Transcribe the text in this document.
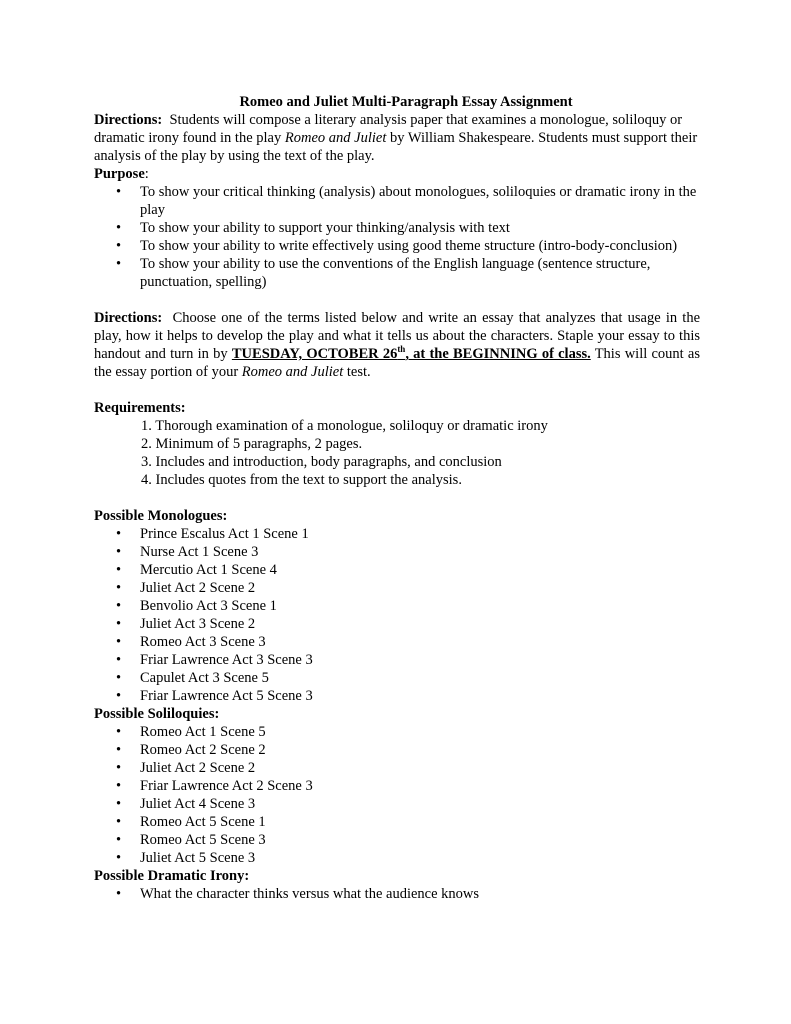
Romeo and Juliet Multi-Paragraph Essay Assignment

Directions: Students will compose a literary analysis paper that examines a monologue, soliloquy or dramatic irony found in the play Romeo and Juliet by William Shakespeare. Students must support their analysis of the play by using the text of the play.

Purpose:

• To show your critical thinking (analysis) about monologues, soliloquies or dramatic irony in the play
• To show your ability to support your thinking/analysis with text
• To show your ability to write effectively using good theme structure (intro-body-conclusion)
• To show your ability to use the conventions of the English language (sentence structure, punctuation, spelling)

Directions: Choose one of the terms listed below and write an essay that analyzes that usage in the play, how it helps to develop the play and what it tells us about the characters. Staple your essay to this handout and turn in by TUESDAY, OCTOBER 26th, at the BEGINNING of class. This will count as the essay portion of your Romeo and Juliet test.

Requirements:

1. Thorough examination of a monologue, soliloquy or dramatic irony
2. Minimum of 5 paragraphs, 2 pages.
3. Includes and introduction, body paragraphs, and conclusion
4. Includes quotes from the text to support the analysis.

Possible Monologues:

• Prince Escalus Act 1 Scene 1
• Nurse Act 1 Scene 3
• Mercutio Act 1 Scene 4
• Juliet Act 2 Scene 2
• Benvolio Act 3 Scene 1
• Juliet Act 3 Scene 2
• Romeo Act 3 Scene 3
• Friar Lawrence Act 3 Scene 3
• Capulet Act 3 Scene 5
• Friar Lawrence Act 5 Scene 3

Possible Soliloquies:

• Romeo Act 1 Scene 5
• Romeo Act 2 Scene 2
• Juliet Act 2 Scene 2
• Friar Lawrence Act 2 Scene 3
• Juliet Act 4 Scene 3
• Romeo Act 5 Scene 1
• Romeo Act 5 Scene 3
• Juliet Act 5 Scene 3

Possible Dramatic Irony:

• What the character thinks versus what the audience knows
